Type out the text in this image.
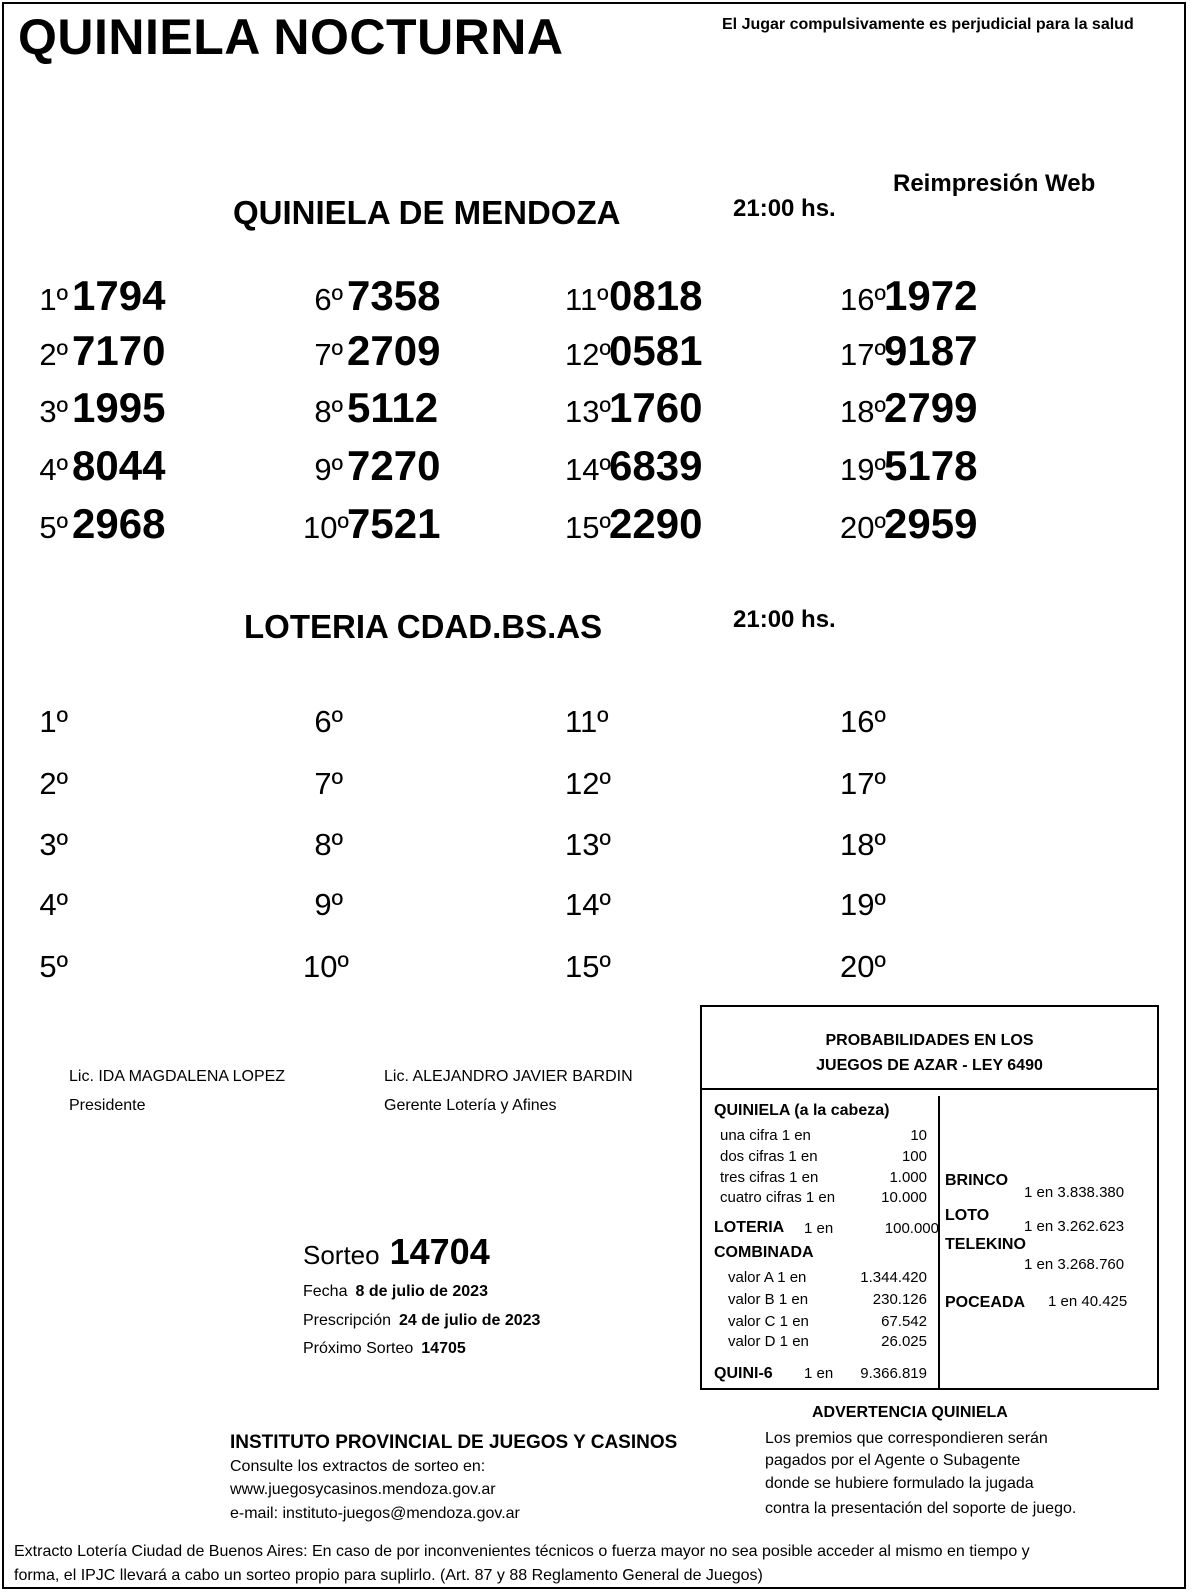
QUINIELA NOCTURNA	El Jugar compulsivamente es perjudicial para la salud
Reimpresión Web
QUINIELA DE MENDOZA	21:00 hs.
1º1794
2º7170
3º1995
4º8044
5º2968
6º7358
7º2709
8º5112
9º7270
10º7521
11º0818
12º0581
13º1760
14º6839
15º2290
16º1972
17º9187
18º2799
19º5178
20º2959
LOTERIA CDAD.BS.AS	21:00 hs.
1º
2º
3º
4º
5º
6º
7º
8º
9º
10º
11º
12º
13º
14º
15º
16º
17º
18º
19º
20º
Lic. IDA MAGDALENA LOPEZ
Presidente
Lic. ALEJANDRO JAVIER BARDIN
Gerente Lotería y Afines
Sorteo 14704
Fecha 8 de julio de 2023
Prescripción 24 de julio de 2023
Próximo Sorteo 14705
PROBABILIDADES EN LOS
JUEGOS DE AZAR - LEY 6490
QUINIELA (a la cabeza)
una cifra 1 en	10
dos cifras 1 en	100
tres cifras 1 en	1.000
cuatro cifras 1 en	10.000
LOTERIA 1 en	100.000
COMBINADA
valor A 1 en	1.344.420
valor B 1 en	230.126
valor C 1 en	67.542
valor D 1 en	26.025
QUINI-6 1 en 9.366.819
BRINCO
1 en 3.838.380
LOTO
1 en 3.262.623
TELEKINO
1 en 3.268.760
POCEADA 1 en 40.425
INSTITUTO PROVINCIAL DE JUEGOS Y CASINOS
Consulte los extractos de sorteo en:
www.juegosycasinos.mendoza.gov.ar
e-mail: instituto-juegos@mendoza.gov.ar
ADVERTENCIA QUINIELA
Los premios que correspondieren serán
pagados por el Agente o Subagente
donde se hubiere formulado la jugada
contra la presentación del soporte de juego.
Extracto Lotería Ciudad de Buenos Aires: En caso de por inconvenientes técnicos o fuerza mayor no sea posible acceder al mismo en tiempo y
forma, el IPJC llevará a cabo un sorteo propio para suplirlo. (Art. 87 y 88 Reglamento General de Juegos)
